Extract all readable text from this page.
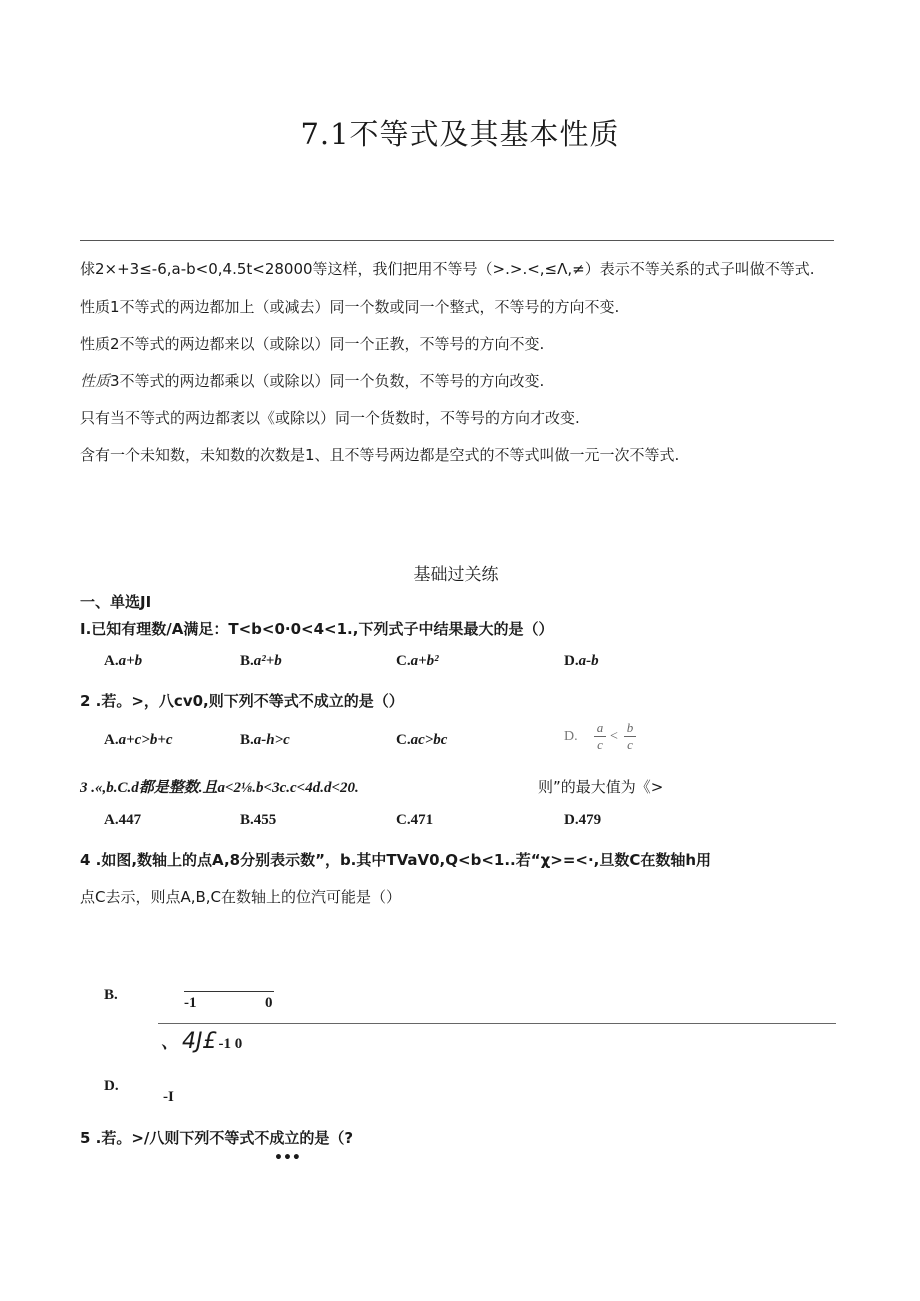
7.1不等式及其基本性质
俅2×+3≤-6,a-b<0,4.5t<28000等这样，我们把用不等号（>.>.<,≤Λ,≠）表示不等关系的式子叫做不等式.
性质1不等式的两边都加上（或减去）同一个数或同一个整式，不等号的方向不变.
性质2不等式的两边都来以（或除以）同一个正教，不等号的方向不变.
性质3不等式的两边都乘以（或除以）同一个负数，不等号的方向改变.
只有当不等式的两边都袤以《或除以）同一个货数时，不等号的方向才改变.
含有一个未知数，未知数的次数是1、且不等号两边都是空式的不等式叫做一元一次不等式.
基础过关练
一、单选JI
I.已知有理数/A满足：T<b<0·0<4<1.,下列式子中结果最大的是（）
A.a+b	B.a²+b	C.a+b²	D.a-b
2 .若。>，八cv0,则下列不等式不成立的是（）
A.a+c>b+c	B.a-h>c	C.ac>bc	D. $\frac{a}{c} < \frac{b}{c}$
3 .«,b.C.d都是整数.且a<2⅛.b<3c.c<4d.d<20.	则”的最大值为《>
A.447	B.455	C.471	D.479
4 .如图,数轴上的点A,8分别表示数”，b.其中TVaV0,Q<b<1..若“χ>=<·,旦数C在数轴h用
点C去示，则点A,B,C在数轴上的位汽可能是（）
B.	-1	0
、4J£ -1 0
D.
-I
5 .若。>/八则下列不等式不成立的是（?
•••
